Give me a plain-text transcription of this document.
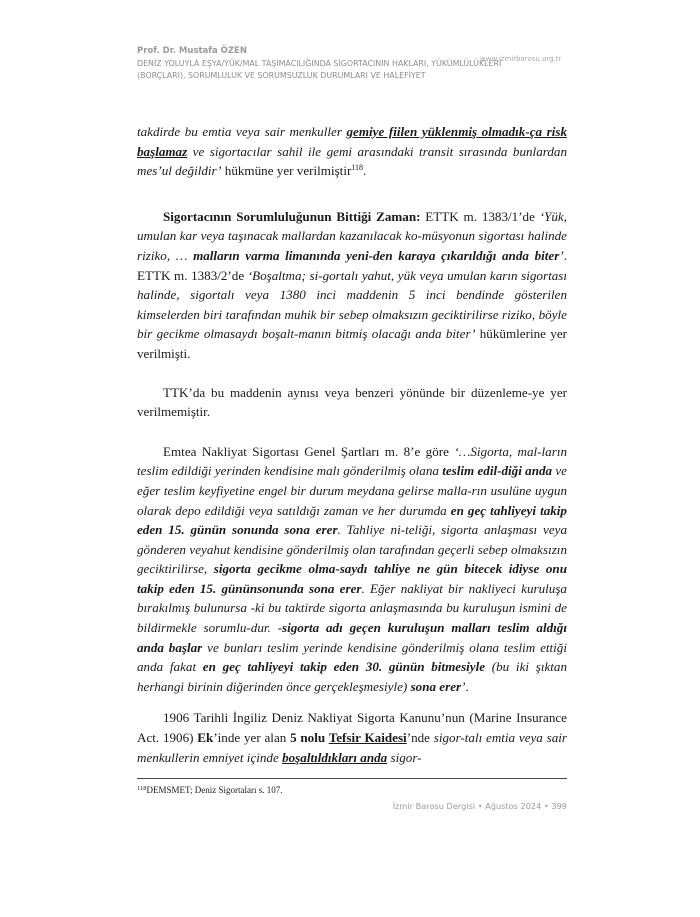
Prof. Dr. Mustafa ÖZEN
DENİZ YOLUYLA EŞYA/YÜK/MAL TAŞIMACILIĞINDA SİGORTACININ HAKLARI, YÜKÜMLÜLÜKLERİ (BORÇLARI), SORUMLULUK VE SORUMSUZLUK DURUMLARI VE HALEFİYET
www.izmirbarosu.org.tr

takdirde bu emtia veya sair menkuller gemiye fiilen yüklenmiş olmadık-ça risk başlamaz ve sigortacılar sahil ile gemi arasındaki transit sırasında bunlardan mes’ul değildir’ hükmüne yer verilmiştir$^{118}$.

Sigortacının Sorumluluğunun Bittiği Zaman: ETTK m. 1383/1’de ‘Yük, umulan kar veya taşınacak mallardan kazanılacak ko-müsyonun sigortası halinde riziko, … malların varma limanında yeni-den karaya çıkarıldığı anda biter’. ETTK m. 1383/2’de ‘Boşaltma; si-gortalı yahut, yük veya umulan karın sigortası halinde, sigortalı veya 1380 inci maddenin 5 inci bendinde gösterilen kimselerden biri tarafından muhik bir sebep olmaksızın geciktirilirse riziko, böyle bir gecikme olmasaydı boşalt-manın bitmiş olacağı anda biter’ hükümlerine yer verilmişti.

TTK’da bu maddenin aynısı veya benzeri yönünde bir düzenleme-ye yer verilmemiştir.

Emtea Nakliyat Sigortası Genel Şartları m. 8’e göre ‘…Sigorta, mal-ların teslim edildiği yerinden kendisine malı gönderilmiş olana teslim edil-diği anda ve eğer teslim keyfiyetine engel bir durum meydana gelirse malla-rın usulüne uygun olarak depo edildiği veya satıldığı zaman ve her durumda en geç tahliyeyi takip eden 15. günün sonunda sona erer. Tahliye ni-teliği, sigorta anlaşması veya gönderen veyahut kendisine gönderilmiş olan tarafından geçerli sebep olmaksızın geciktirilirse, sigorta gecikme olma-saydı tahliye ne gün bitecek idiyse onu takip eden 15. gününsonunda sona erer. Eğer nakliyat bir nakliyeci kuruluşa bırakılmış bulunursa -ki bu taktirde sigorta anlaşmasında bu kuruluşun ismini de bildirmekle sorumlu-dur. -sigorta adı geçen kuruluşun malları teslim aldığı anda başlar ve bunları teslim yerinde kendisine gönderilmiş olana teslim ettiği anda fakat en geç tahliyeyi takip eden 30. günün bitmesiyle (bu iki şıktan herhangi birinin diğerinden önce gerçekleşmesiyle) sona erer’.

1906 Tarihli İngiliz Deniz Nakliyat Sigorta Kanunu’nun (Marine Insurance Act. 1906) Ek’inde yer alan 5 nolu Tefsir Kaidesi’nde sigor-talı emtia veya sair menkullerin emniyet içinde boşaltıldıkları anda sigor-

$^{118}$DEMSMET; Deniz Sigortaları s. 107.
İzmir Barosu Dergisi • Ağustos 2024 • 399
